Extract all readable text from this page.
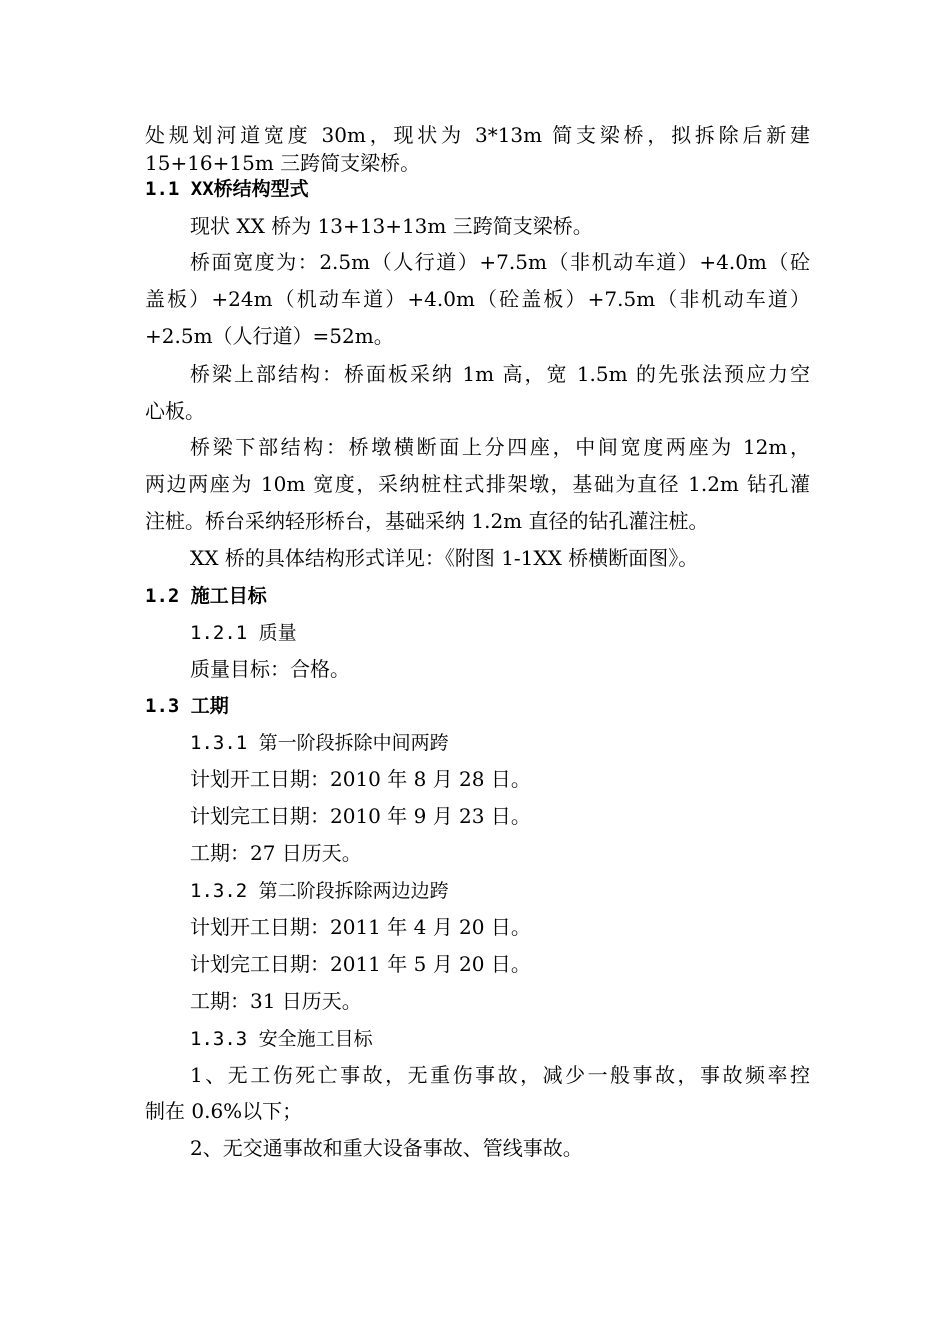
处规划河道宽度 30m，现状为 3*13m 简支梁桥，拟拆除后新建
15+16+15m 三跨简支梁桥。
1.1 XX桥结构型式
现状 XX 桥为 13+13+13m 三跨简支梁桥。
桥面宽度为：2.5m（人行道）+7.5m（非机动车道）+4.0m（砼
盖板）+24m（机动车道）+4.0m（砼盖板）+7.5m（非机动车道）
+2.5m（人行道）=52m。
桥梁上部结构：桥面板采纳 1m 高，宽 1.5m 的先张法预应力空
心板。
桥梁下部结构：桥墩横断面上分四座，中间宽度两座为 12m，
两边两座为 10m 宽度，采纳桩柱式排架墩，基础为直径 1.2m 钻孔灌
注桩。桥台采纳轻形桥台，基础采纳 1.2m 直径的钻孔灌注桩。
XX 桥的具体结构形式详见：《附图 1-1XX 桥横断面图》。
1.2 施工目标
1.2.1 质量
质量目标：合格。
1.3 工期
1.3.1 第一阶段拆除中间两跨
计划开工日期：2010 年 8 月 28 日。
计划完工日期：2010 年 9 月 23 日。
工期：27 日历天。
1.3.2 第二阶段拆除两边边跨
计划开工日期：2011 年 4 月 20 日。
计划完工日期：2011 年 5 月 20 日。
工期：31 日历天。
1.3.3 安全施工目标
1、无工伤死亡事故，无重伤事故，减少一般事故，事故频率控
制在 0.6%以下；
2、无交通事故和重大设备事故、管线事故。
